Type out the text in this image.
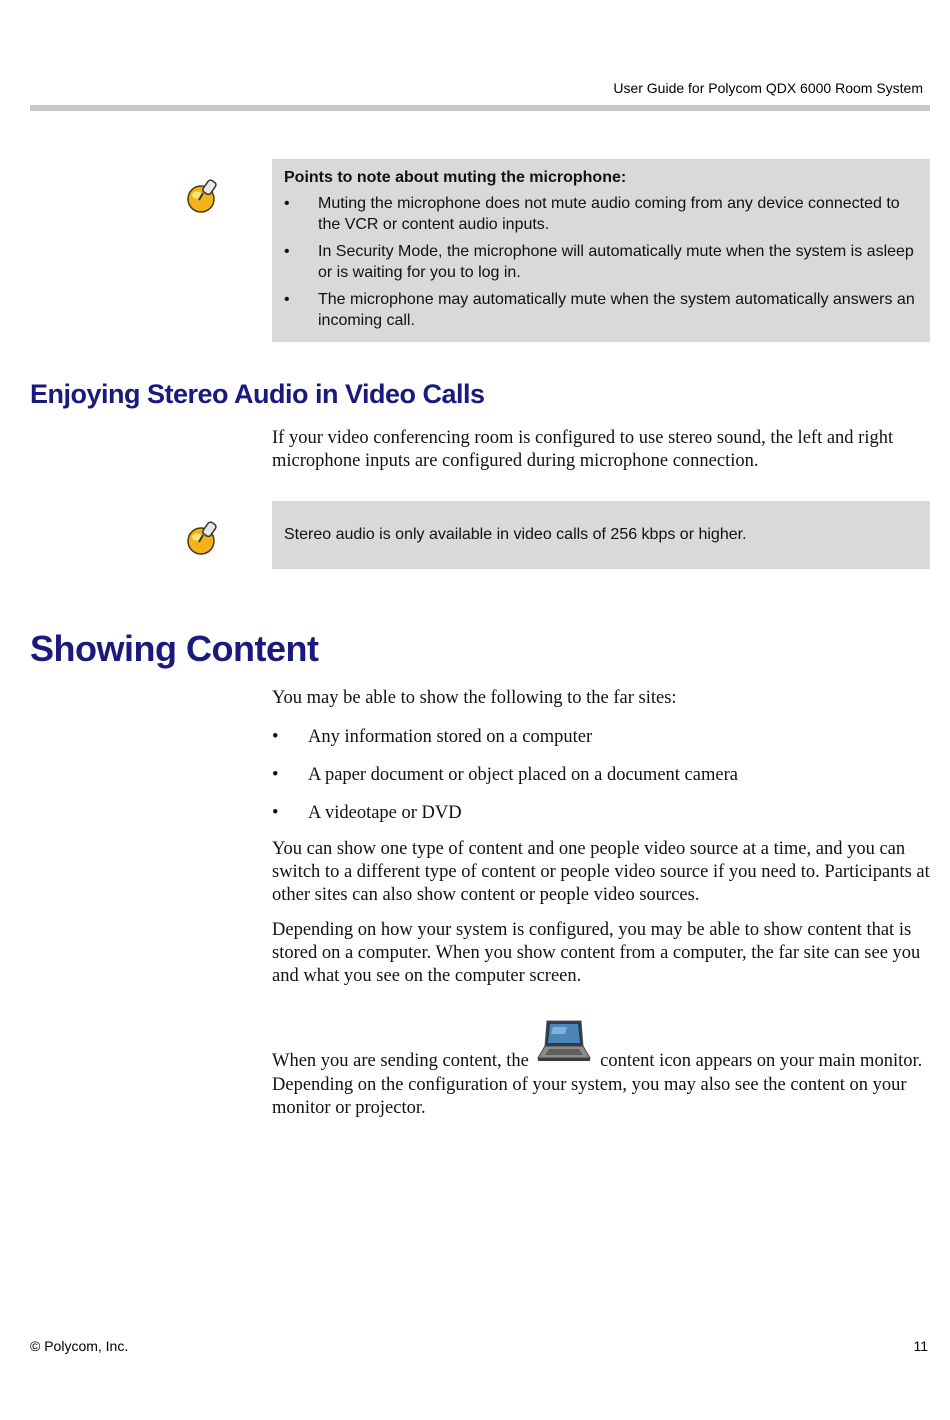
User Guide for Polycom QDX 6000 Room System
Points to note about muting the microphone:
• Muting the microphone does not mute audio coming from any device connected to the VCR or content audio inputs.
• In Security Mode, the microphone will automatically mute when the system is asleep or is waiting for you to log in.
• The microphone may automatically mute when the system automatically answers an incoming call.
Enjoying Stereo Audio in Video Calls
If your video conferencing room is configured to use stereo sound, the left and right microphone inputs are configured during microphone connection.
Stereo audio is only available in video calls of 256 kbps or higher.
Showing Content
You may be able to show the following to the far sites:
• Any information stored on a computer
• A paper document or object placed on a document camera
• A videotape or DVD
You can show one type of content and one people video source at a time, and you can switch to a different type of content or people video source if you need to. Participants at other sites can also show content or people video sources.
Depending on how your system is configured, you may be able to show content that is stored on a computer. When you show content from a computer, the far site can see you and what you see on the computer screen.
When you are sending content, the	content icon appears on your main monitor. Depending on the configuration of your system, you may also see the content on your monitor or projector.
© Polycom, Inc.	11
